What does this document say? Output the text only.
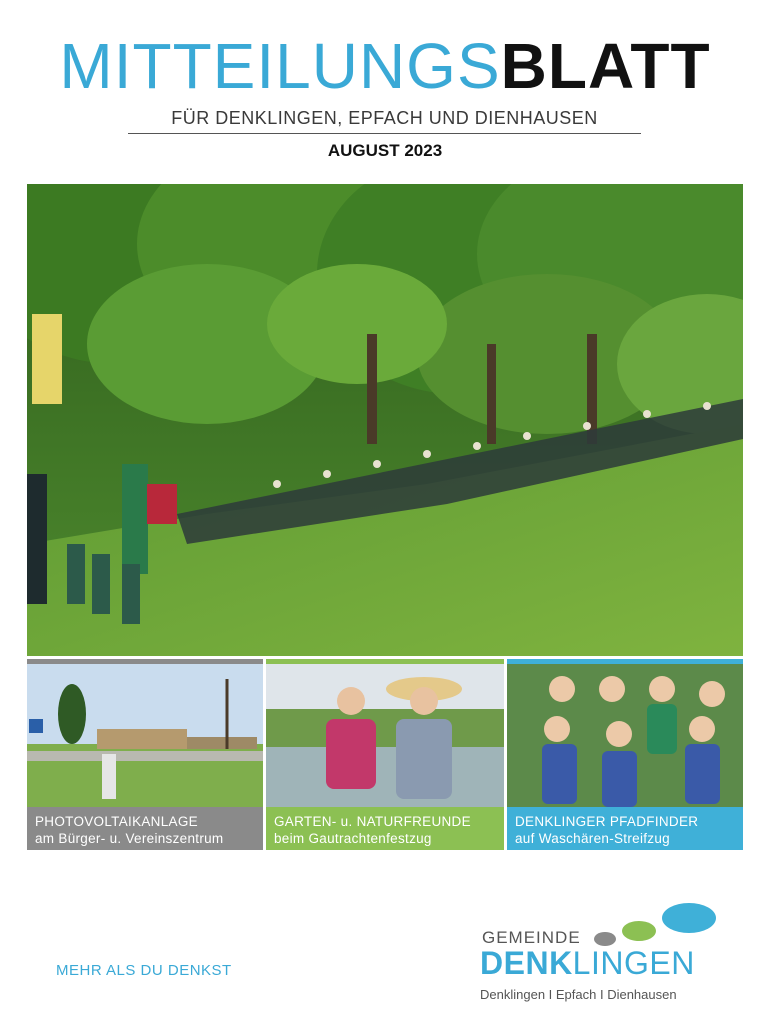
MITTEILUNGSBLATT
FÜR DENKLINGEN, EPFACH UND DIENHAUSEN
AUGUST 2023
PHOTOVOLTAIKANLAGE
am Bürger- u. Vereinszentrum
GARTEN- u. NATURFREUNDE
beim Gautrachtenfestzug
DENKLINGER PFADFINDER
auf Waschären-Streifzug
MEHR ALS DU DENKST
GEMEINDE
DENKLINGEN
Denklingen I Epfach I Dienhausen
